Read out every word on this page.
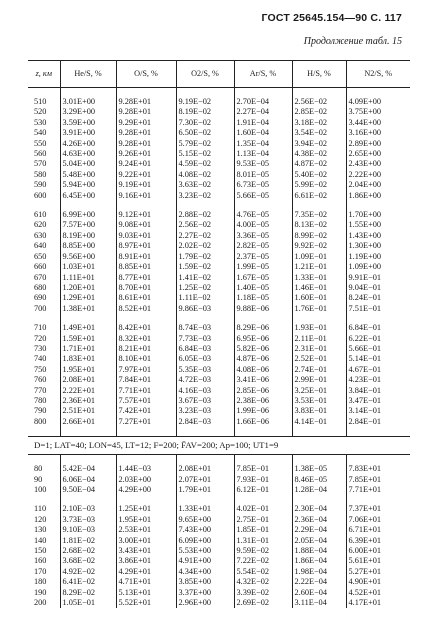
ГОСТ 25645.154—90 С. 117
Продолжение табл. 15
z, км	He/S, %	O/S, %	O2/S, %	Ar/S, %	H/S, %	N2/S, %

510	3.01E+00	9.28E+01	9.19E−02	2.70E−04	2.56E−02	4.09E+00
520	3.29E+00	9.28E+01	8.19E−02	2.27E−04	2.85E−02	3.75E+00
530	3.59E+00	9.29E+01	7.30E−02	1.91E−04	3.18E−02	3.44E+00
540	3.91E+00	9.28E+01	6.50E−02	1.60E−04	3.54E−02	3.16E+00
550	4.26E+00	9.28E+01	5.79E−02	1.35E−04	3.94E−02	2.89E+00
560	4.63E+00	9.26E+01	5.15E−02	1.13E−04	4.38E−02	2.65E+00
570	5.04E+00	9.24E+01	4.59E−02	9.53E−05	4.87E−02	2.43E+00
580	5.48E+00	9.22E+01	4.08E−02	8.01E−05	5.40E−02	2.22E+00
590	5.94E+00	9.19E+01	3.63E−02	6.73E−05	5.99E−02	2.04E+00
600	6.45E+00	9.16E+01	3.23E−02	5.66E−05	6.61E−02	1.86E+00

610	6.99E+00	9.12E+01	2.88E−02	4.76E−05	7.35E−02	1.70E+00
620	7.57E+00	9.08E+01	2.56E−02	4.00E−05	8.13E−02	1.55E+00
630	8.19E+00	9.03E+01	2.27E−02	3.36E−05	8.99E−02	1.43E+00
640	8.85E+00	8.97E+01	2.02E−02	2.82E−05	9.92E−02	1.30E+00
650	9.56E+00	8.91E+01	1.79E−02	2.37E−05	1.09E−01	1.19E+00
660	1.03E+01	8.85E+01	1.59E−02	1.99E−05	1.21E−01	1.09E+00
670	1.11E+01	8.77E+01	1.41E−02	1.67E−05	1.33E−01	9.91E−01
680	1.20E+01	8.70E+01	1.25E−02	1.40E−05	1.46E−01	9.04E−01
690	1.29E+01	8.61E+01	1.11E−02	1.18E−05	1.60E−01	8.24E−01
700	1.38E+01	8.52E+01	9.86E−03	9.88E−06	1.76E−01	7.51E−01

710	1.49E+01	8.42E+01	8.74E−03	8.29E−06	1.93E−01	6.84E−01
720	1.59E+01	8.32E+01	7.73E−03	6.95E−06	2.11E−01	6.22E−01
730	1.71E+01	8.21E+01	6.84E−03	5.82E−06	2.31E−01	5.66E−01
740	1.83E+01	8.10E+01	6.05E−03	4.87E−06	2.52E−01	5.14E−01
750	1.95E+01	7.97E+01	5.35E−03	4.08E−06	2.74E−01	4.67E−01
760	2.08E+01	7.84E+01	4.72E−03	3.41E−06	2.99E−01	4.23E−01
770	2.22E+01	7.71E+01	4.16E−03	2.85E−06	3.25E−01	3.84E−01
780	2.36E+01	7.57E+01	3.67E−03	2.38E−06	3.53E−01	3.47E−01
790	2.51E+01	7.42E+01	3.23E−03	1.99E−06	3.83E−01	3.14E−01
800	2.66E+01	7.27E+01	2.84E−03	1.66E−06	4.14E−01	2.84E−01

D=1; LAT=40; LON=45, LT=12; F=200; F̄AV=200; Ap=100; UT1=9						

80	5.42E−04	1.44E−03	2.08E+01	7.85E−01	1.38E−05	7.83E+01
90	6.06E−04	2.03E+00	2.07E+01	7.93E−01	8.46E−05	7.85E+01
100	9.50E−04	4.29E+00	1.79E+01	6.12E−01	1.28E−04	7.71E+01

110	2.10E−03	1.25E+01	1.33E+01	4.02E−01	2.30E−04	7.37E+01
120	3.73E−03	1.95E+01	9.65E+00	2.75E−01	2.36E−04	7.06E+01
130	9.10E−03	2.53E+01	7.43E+00	1.85E−01	2.29E−04	6.71E+01
140	1.81E−02	3.00E+01	6.09E+00	1.31E−01	2.05E−04	6.39E+01
150	2.68E−02	3.43E+01	5.53E+00	9.59E−02	1.88E−04	6.00E+01
160	3.68E−02	3.86E+01	4.91E+00	7.22E−02	1.86E−04	5.61E+01
170	4.92E−02	4.29E+01	4.34E+00	5.54E−02	1.98E−04	5.27E+01
180	6.41E−02	4.71E+01	3.85E+00	4.32E−02	2.22E−04	4.90E+01
190	8.29E−02	5.13E+01	3.37E+00	3.39E−02	2.60E−04	4.52E+01
200	1.05E−01	5.52E+01	2.96E+00	2.69E−02	3.11E−04	4.17E+01
